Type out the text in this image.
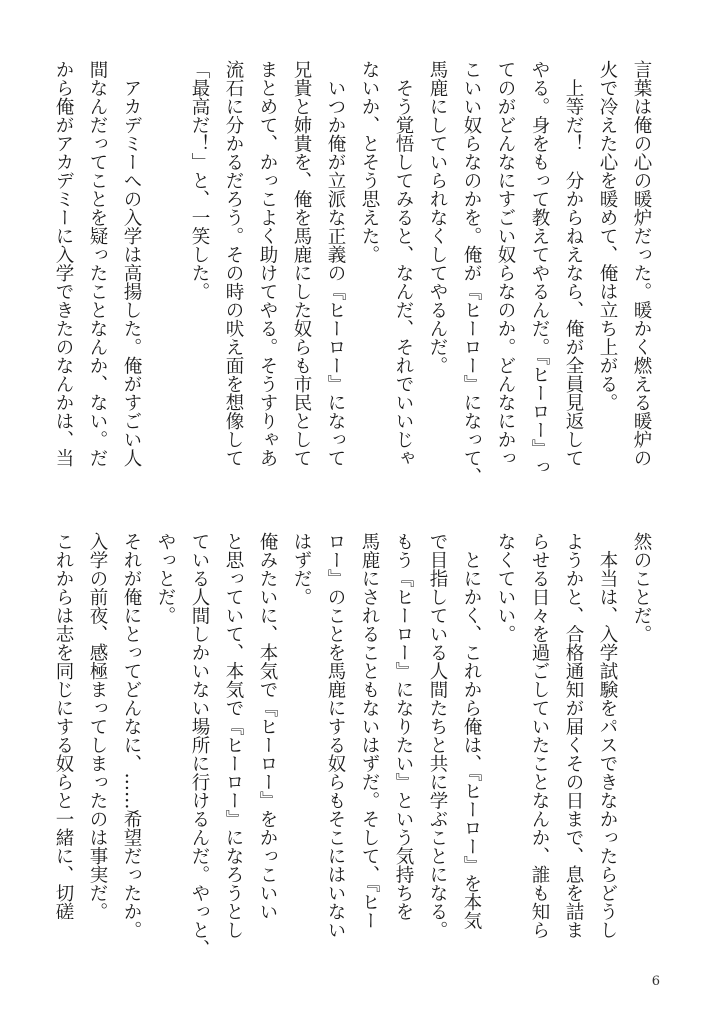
言葉は俺の心の暖炉だった。暖かく燃える暖炉の
火で冷えた心を暖めて、俺は立ち上がる。
　上等だ！　分からねえなら、俺が全員見返して
やる。身をもって教えてやるんだ。『ヒーロー』っ
てのがどんなにすごい奴らなのか。どんなにかっ
こいい奴らなのかを。俺が『ヒーロー』になって、
馬鹿にしていられなくしてやるんだ。
　そう覚悟してみると、なんだ、それでいいじゃ
ないか、とそう思えた。
　いつか俺が立派な正義の『ヒーロー』になって
兄貴と姉貴を、俺を馬鹿にした奴らも市民として
まとめて、かっこよく助けてやる。そうすりゃあ
流石に分かるだろう。その時の吠え面を想像して
「最高だ！」と、一笑した。

　アカデミーへの入学は高揚した。俺がすごい人
間なんだってことを疑ったことなんか、ない。だ
から俺がアカデミーに入学できたのなんかは、当
然のことだ。
　本当は、入学試験をパスできなかったらどうし
ようかと、合格通知が届くその日まで、息を詰ま
らせる日々を過ごしていたことなんか、誰も知ら
なくていい。
　とにかく、これから俺は、『ヒーロー』を本気
で目指している人間たちと共に学ぶことになる。
もう『ヒーロー』になりたい』という気持ちを
馬鹿にされることもないはずだ。そして、『ヒー
ロー』のことを馬鹿にする奴らもそこにはいない
はずだ。
俺みたいに、本気で『ヒーロー』をかっこいい
と思っていて、本気で『ヒーロー』になろうとし
ている人間しかいない場所に行けるんだ。やっと、
やっとだ。
それが俺にとってどんなに、……希望だったか。
入学の前夜、感極まってしまったのは事実だ。
これからは志を同じにする奴らと一緒に、切磋
6
